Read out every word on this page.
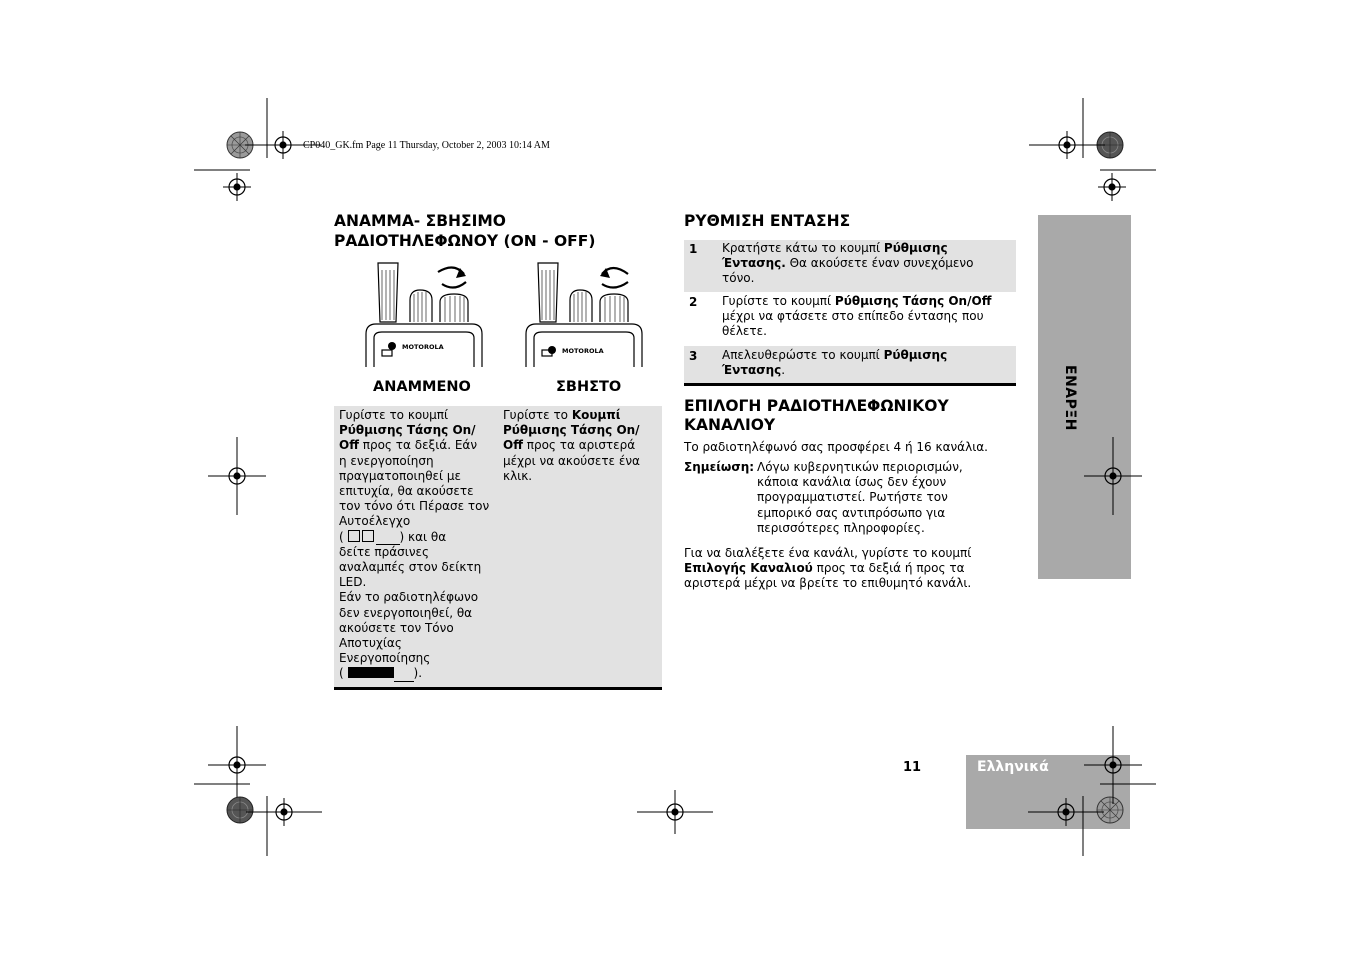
CP040_GK.fm Page 11 Thursday, October 2, 2003 10:14 AM
ΑΝΑΜΜΑ- ΣΒΗΣΙΜΟ
ΡΑΔΙΟΤΗΛΕΦΩΝΟΥ (ON - OFF)
MOTOROLA	MOTOROLA
ΑΝΑΜΜΕΝΟ	ΣΒΗΣΤΟ
Γυρίστε το κουμπί
Ρύθμισης Τάσης On/
Off προς τα δεξιά. Εάν
η ενεργοποίηση
πραγματοποιηθεί με
επιτυχία, θα ακούσετε
τον τόνο ότι Πέρασε τον
Αυτοέλεγχο
(	) και θα
δείτε πράσινες
αναλαμπές στον δείκτη
LED.
Εάν το ραδιοτηλέφωνο
δεν ενεργοποιηθεί, θα
ακούσετε τον Τόνο
Αποτυχίας
Ενεργοποίησης
(	).
Γυρίστε το Κουμπί
Ρύθμισης Τάσης On/
Off προς τα αριστερά
μέχρι να ακούσετε ένα
κλικ.
ΡΥΘΜΙΣΗ ΕΝΤΑΣΗΣ
1 Κρατήστε κάτω το κουμπί Ρύθμισης
Έντασης. Θα ακούσετε έναν συνεχόμενο
τόνο.
2 Γυρίστε το κουμπί Ρύθμισης Τάσης On/Off
μέχρι να φτάσετε στο επίπεδο έντασης που
θέλετε.
3 Απελευθερώστε το κουμπί Ρύθμισης
Έντασης.
ΕΠΙΛΟΓΗ ΡΑΔΙΟΤΗΛΕΦΩΝΙΚΟΥ
ΚΑΝΑΛΙΟΥ
Το ραδιοτηλέφωνό σας προσφέρει 4 ή 16 κανάλια.
Σημείωση: Λόγω κυβερνητικών περιορισμών,
κάποια κανάλια ίσως δεν έχουν
προγραμματιστεί. Ρωτήστε τον
εμπορικό σας αντιπρόσωπο για
περισσότερες πληροφορίες.
Για να διαλέξετε ένα κανάλι, γυρίστε το κουμπί
Επιλογής Καναλιού προς τα δεξιά ή προς τα
αριστερά μέχρι να βρείτε το επιθυμητό κανάλι.
ΕΝΑΡΞΗ
11	Ελληνικά
